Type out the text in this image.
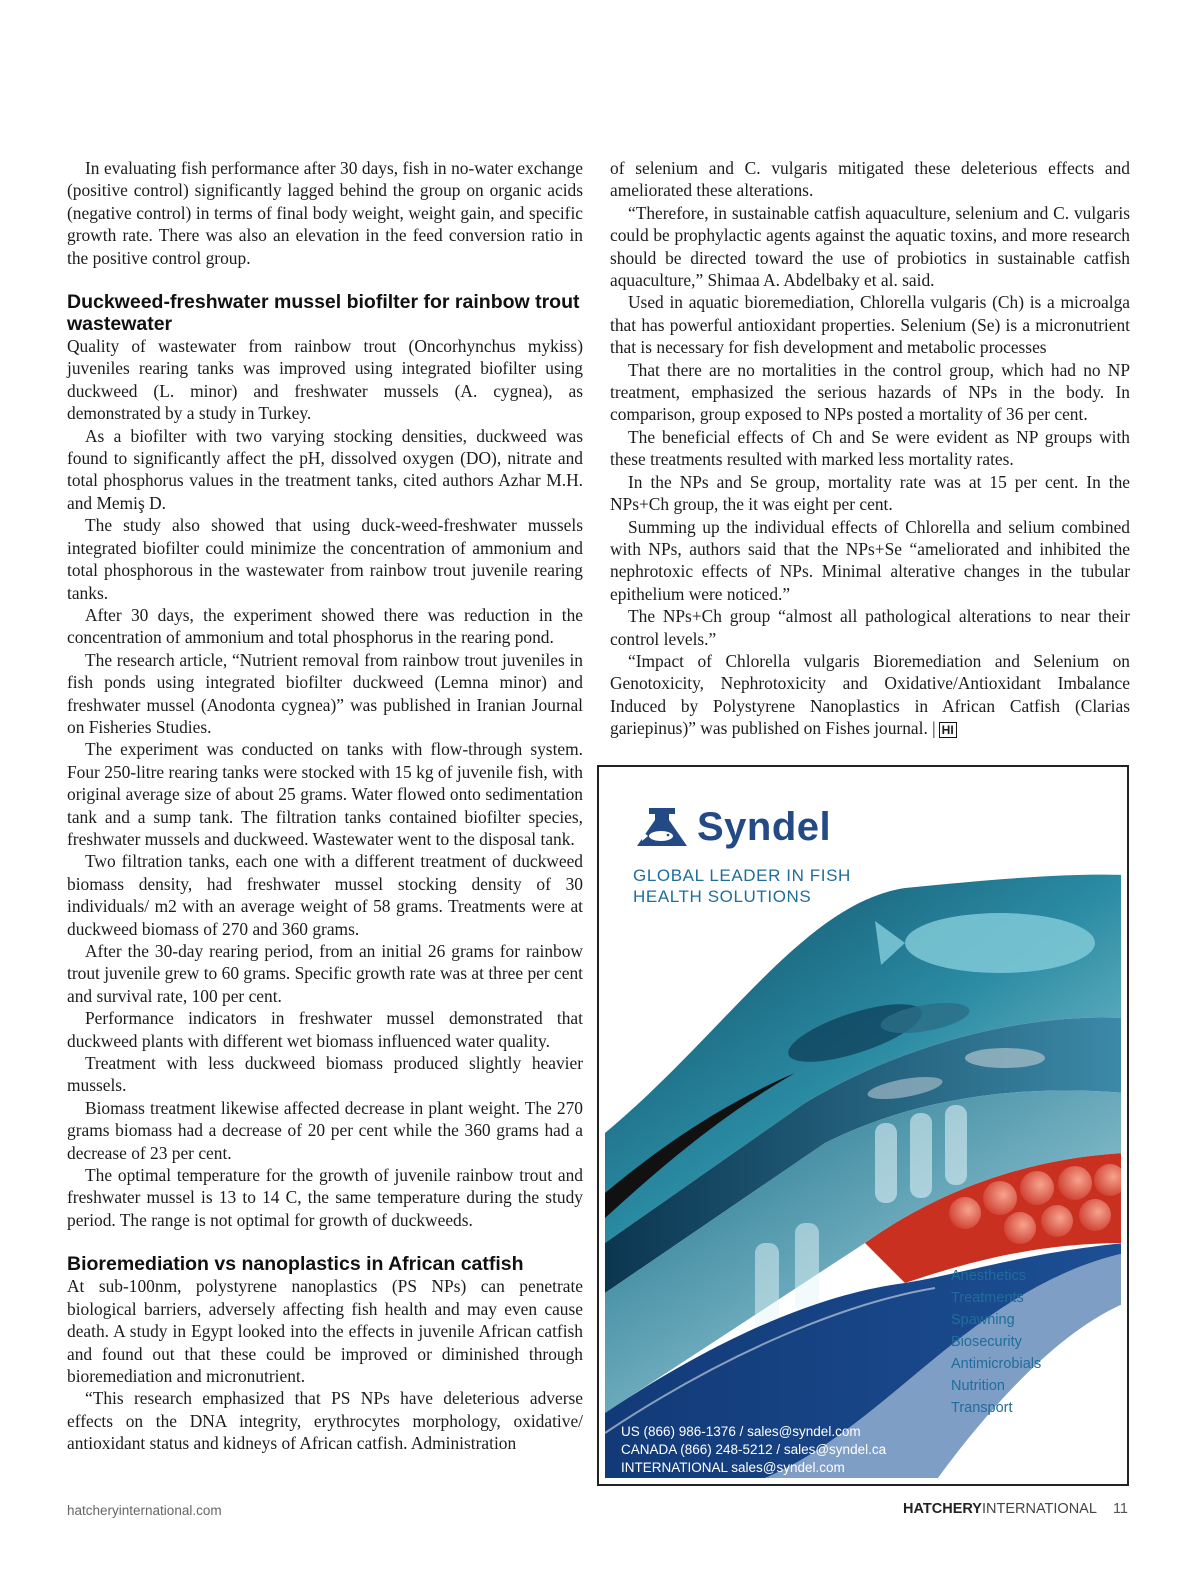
In evaluating fish performance after 30 days, fish in no-water exchange (positive control) significantly lagged behind the group on organic acids (negative control) in terms of final body weight, weight gain, and specific growth rate. There was also an elevation in the feed conversion ratio in the positive control group.

Duckweed-freshwater mussel biofilter for rainbow trout wastewater

Quality of wastewater from rainbow trout (Oncorhynchus mykiss) juveniles rearing tanks was improved using integrated biofilter using duckweed (L. minor) and freshwater mussels (A. cygnea), as demonstrated by a study in Turkey.

As a biofilter with two varying stocking densities, duckweed was found to significantly affect the pH, dissolved oxygen (DO), nitrate and total phosphorus values in the treatment tanks, cited authors Azhar M.H. and Memiş D.

The study also showed that using duck-weed-freshwater mussels integrated biofilter could minimize the concentration of ammonium and total phosphorous in the wastewater from rainbow trout juvenile rearing tanks.

After 30 days, the experiment showed there was reduction in the concentration of ammonium and total phosphorus in the rearing pond.

The research article, “Nutrient removal from rainbow trout juveniles in fish ponds using integrated biofilter duckweed (Lemna minor) and freshwater mussel (Anodonta cygnea)” was published in Iranian Journal on Fisheries Studies.

The experiment was conducted on tanks with flow-through system. Four 250-litre rearing tanks were stocked with 15 kg of juvenile fish, with original average size of about 25 grams. Water flowed onto sedimentation tank and a sump tank. The filtration tanks contained biofilter species, freshwater mussels and duckweed. Wastewater went to the disposal tank.

Two filtration tanks, each one with a different treatment of duckweed biomass density, had freshwater mussel stocking density of 30 individuals/ m2 with an average weight of 58 grams. Treatments were at duckweed biomass of 270 and 360 grams.

After the 30-day rearing period, from an initial 26 grams for rainbow trout juvenile grew to 60 grams. Specific growth rate was at three per cent and survival rate, 100 per cent.

Performance indicators in freshwater mussel demonstrated that duckweed plants with different wet biomass influenced water quality.

Treatment with less duckweed biomass produced slightly heavier mussels.

Biomass treatment likewise affected decrease in plant weight. The 270 grams biomass had a decrease of 20 per cent while the 360 grams had a decrease of 23 per cent.

The optimal temperature for the growth of juvenile rainbow trout and freshwater mussel is 13 to 14 C, the same temperature during the study period. The range is not optimal for growth of duckweeds.

Bioremediation vs nanoplastics in African catfish

At sub-100nm, polystyrene nanoplastics (PS NPs) can penetrate biological barriers, adversely affecting fish health and may even cause death. A study in Egypt looked into the effects in juvenile African catfish and found out that these could be improved or diminished through bioremediation and micronutrient.

“This research emphasized that PS NPs have deleterious adverse effects on the DNA integrity, erythrocytes morphology, oxidative/ antioxidant status and kidneys of African catfish. Administration

of selenium and C. vulgaris mitigated these deleterious effects and ameliorated these alterations.

“Therefore, in sustainable catfish aquaculture, selenium and C. vulgaris could be prophylactic agents against the aquatic toxins, and more research should be directed toward the use of probiotics in sustainable catfish aquaculture,” Shimaa A. Abdelbaky et al. said.

Used in aquatic bioremediation, Chlorella vulgaris (Ch) is a microalga that has powerful antioxidant properties. Selenium (Se) is a micronutrient that is necessary for fish development and metabolic processes

That there are no mortalities in the control group, which had no NP treatment, emphasized the serious hazards of NPs in the body. In comparison, group exposed to NPs posted a mortality of 36 per cent.

The beneficial effects of Ch and Se were evident as NP groups with these treatments resulted with marked less mortality rates.

In the NPs and Se group, mortality rate was at 15 per cent. In the NPs+Ch group, the it was eight per cent.

Summing up the individual effects of Chlorella and selium combined with NPs, authors said that the NPs+Se “ameliorated and inhibited the nephrotoxic effects of NPs. Minimal alterative changes in the tubular epithelium were noticed.”

The NPs+Ch group “almost all pathological alterations to near their control levels.”

“Impact of Chlorella vulgaris Bioremediation and Selenium on Genotoxicity, Nephrotoxicity and Oxidative/Antioxidant Imbalance Induced by Polystyrene Nanoplastics in African Catfish (Clarias gariepinus)” was published on Fishes journal. | HI

Syndel
GLOBAL LEADER IN FISH
HEALTH SOLUTIONS
Anesthetics
Treatments
Spawning
Biosecurity
Antimicrobials
Nutrition
Transport
US (866) 986-1376 / sales@syndel.com
CANADA (866) 248-5212 / sales@syndel.ca
INTERNATIONAL sales@syndel.com
hatcheryinternational.com	HATCHERYINTERNATIONAL 11
